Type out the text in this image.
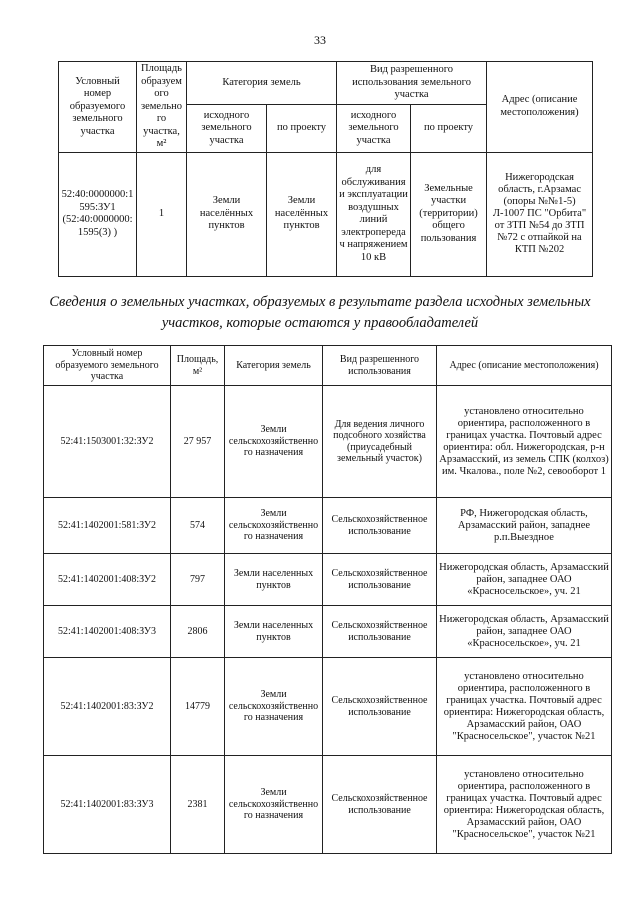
33
Условный номер образуемого земельного участка	Площадь образуемого земельного участка, м²	Категория земель		Вид разрешенного использования земельного участка		Адрес (описание местоположения)
		исходного земельного участка	по проекту	исходного земельного участка	по проекту	
52:40:0000000:1595:ЗУ1 (52:40:0000000:1595(3) )	1	Земли населённых пунктов	Земли населённых пунктов	для обслуживания и эксплуатации воздушных линий электропередач напряжением 10 кВ	Земельные участки (территории) общего пользования	Нижегородская область, г.Арзамас (опоры №№1-5) Л-1007 ПС "Орбита" от ЗТП №54 до ЗТП №72 с отпайкой на КТП №202
Сведения о земельных участках, образуемых в результате раздела исходных земельных участков, которые остаются у правообладателей
Условный номер образуемого земельного участка	Площадь, м²	Категория земель	Вид разрешенного использования	Адрес (описание местоположения)
52:41:1503001:32:ЗУ2	27 957	Земли сельскохозяйственного назначения	Для ведения личного подсобного хозяйства (приусадебный земельный участок)	установлено относительно ориентира, расположенного в границах участка. Почтовый адрес ориентира: обл. Нижегородская, р-н Арзамасский, из земель СПК (колхоз) им. Чкалова., поле №2, севооборот 1
52:41:1402001:581:ЗУ2	574	Земли сельскохозяйственного назначения	Сельскохозяйственное использование	РФ, Нижегородская область, Арзамасский район, западнее р.п.Выездное
52:41:1402001:408:ЗУ2	797	Земли населенных пунктов	Сельскохозяйственное использование	Нижегородская область, Арзамасский район, западнее ОАО «Красносельское», уч. 21
52:41:1402001:408:ЗУ3	2806	Земли населенных пунктов	Сельскохозяйственное использование	Нижегородская область, Арзамасский район, западнее ОАО «Красносельское», уч. 21
52:41:1402001:83:ЗУ2	14779	Земли сельскохозяйственного назначения	Сельскохозяйственное использование	установлено относительно ориентира, расположенного в границах участка. Почтовый адрес ориентира: Нижегородская область, Арзамасский район, ОАО "Красносельское", участок №21
52:41:1402001:83:ЗУ3	2381	Земли сельскохозяйственного назначения	Сельскохозяйственное использование	установлено относительно ориентира, расположенного в границах участка. Почтовый адрес ориентира: Нижегородская область, Арзамасский район, ОАО "Красносельское", участок №21
